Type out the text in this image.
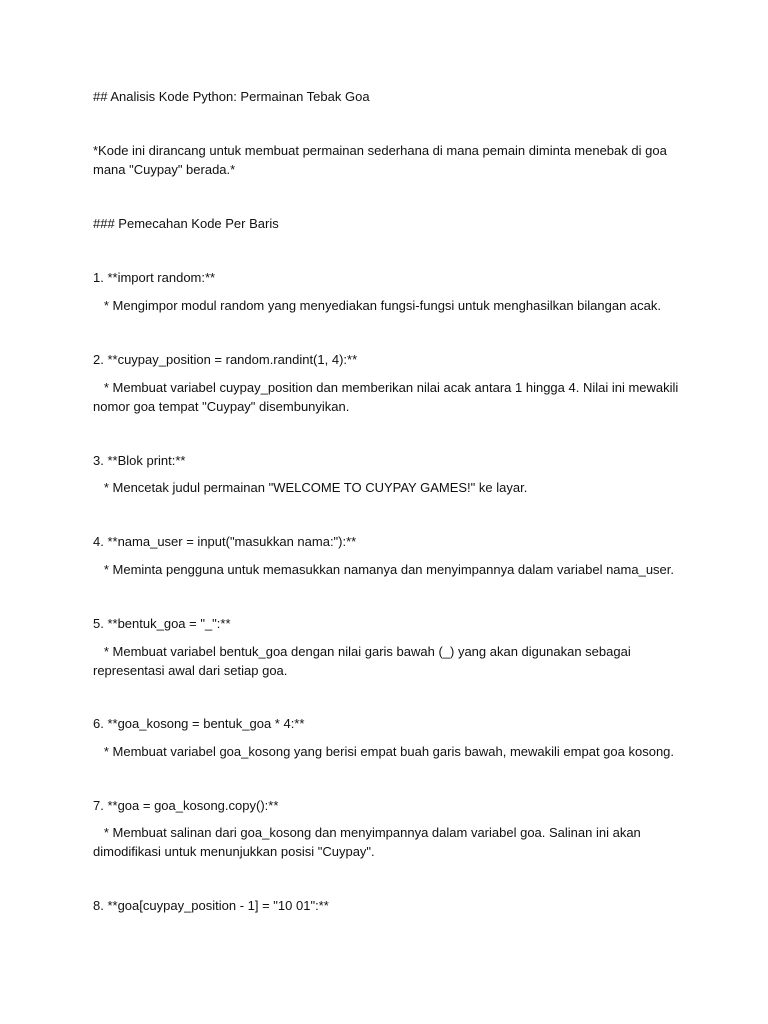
## Analisis Kode Python: Permainan Tebak Goa

*Kode ini dirancang untuk membuat permainan sederhana di mana pemain diminta menebak di goa mana "Cuypay" berada.*

### Pemecahan Kode Per Baris

1. **import random:**

* Mengimpor modul random yang menyediakan fungsi-fungsi untuk menghasilkan bilangan acak.

2. **cuypay_position = random.randint(1, 4):**

* Membuat variabel cuypay_position dan memberikan nilai acak antara 1 hingga 4. Nilai ini mewakili nomor goa tempat "Cuypay" disembunyikan.

3. **Blok print:**

* Mencetak judul permainan "WELCOME TO CUYPAY GAMES!" ke layar.

4. **nama_user = input("masukkan nama:"):**

* Meminta pengguna untuk memasukkan namanya dan menyimpannya dalam variabel nama_user.

5. **bentuk_goa = "_":**

* Membuat variabel bentuk_goa dengan nilai garis bawah (_) yang akan digunakan sebagai representasi awal dari setiap goa.

6. **goa_kosong = bentuk_goa * 4:**

* Membuat variabel goa_kosong yang berisi empat buah garis bawah, mewakili empat goa kosong.

7. **goa = goa_kosong.copy():**

* Membuat salinan dari goa_kosong dan menyimpannya dalam variabel goa. Salinan ini akan dimodifikasi untuk menunjukkan posisi "Cuypay".

8. **goa[cuypay_position - 1] = "10 01":**
